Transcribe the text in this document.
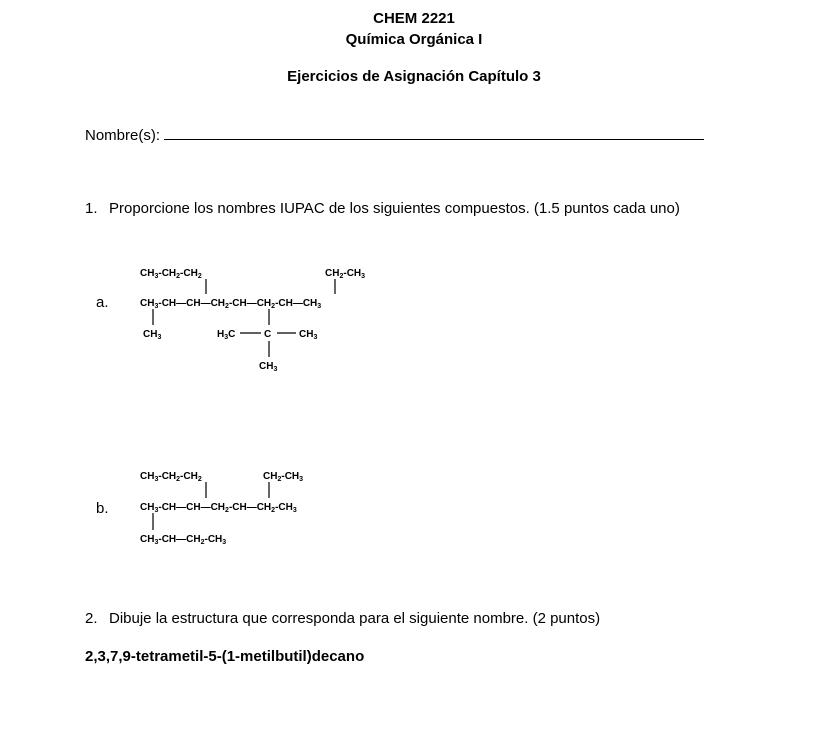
CHEM 2221
Química Orgánica I
Ejercicios de Asignación Capítulo 3
Nombre(s):
1. Proporcione los nombres IUPAC de los siguientes compuestos. (1.5 puntos cada uno)
a.
$CH_3-CH_2-CH_2$	$CH_2-CH_3$
$CH_3-CH—CH—CH_2-CH—CH_2-CH—CH_3$
$CH_3$	$H_3C$	C	$CH_3$
$CH_3$
b.
$CH_3-CH_2-CH_2$	$CH_2-CH_3$
$CH_3-CH—CH—CH_2-CH—CH_2-CH_3$
$CH_3-CH—CH_2-CH_3$
2. Dibuje la estructura que corresponda para el siguiente nombre. (2 puntos)
2,3,7,9-tetrametil-5-(1-metilbutil)decano
